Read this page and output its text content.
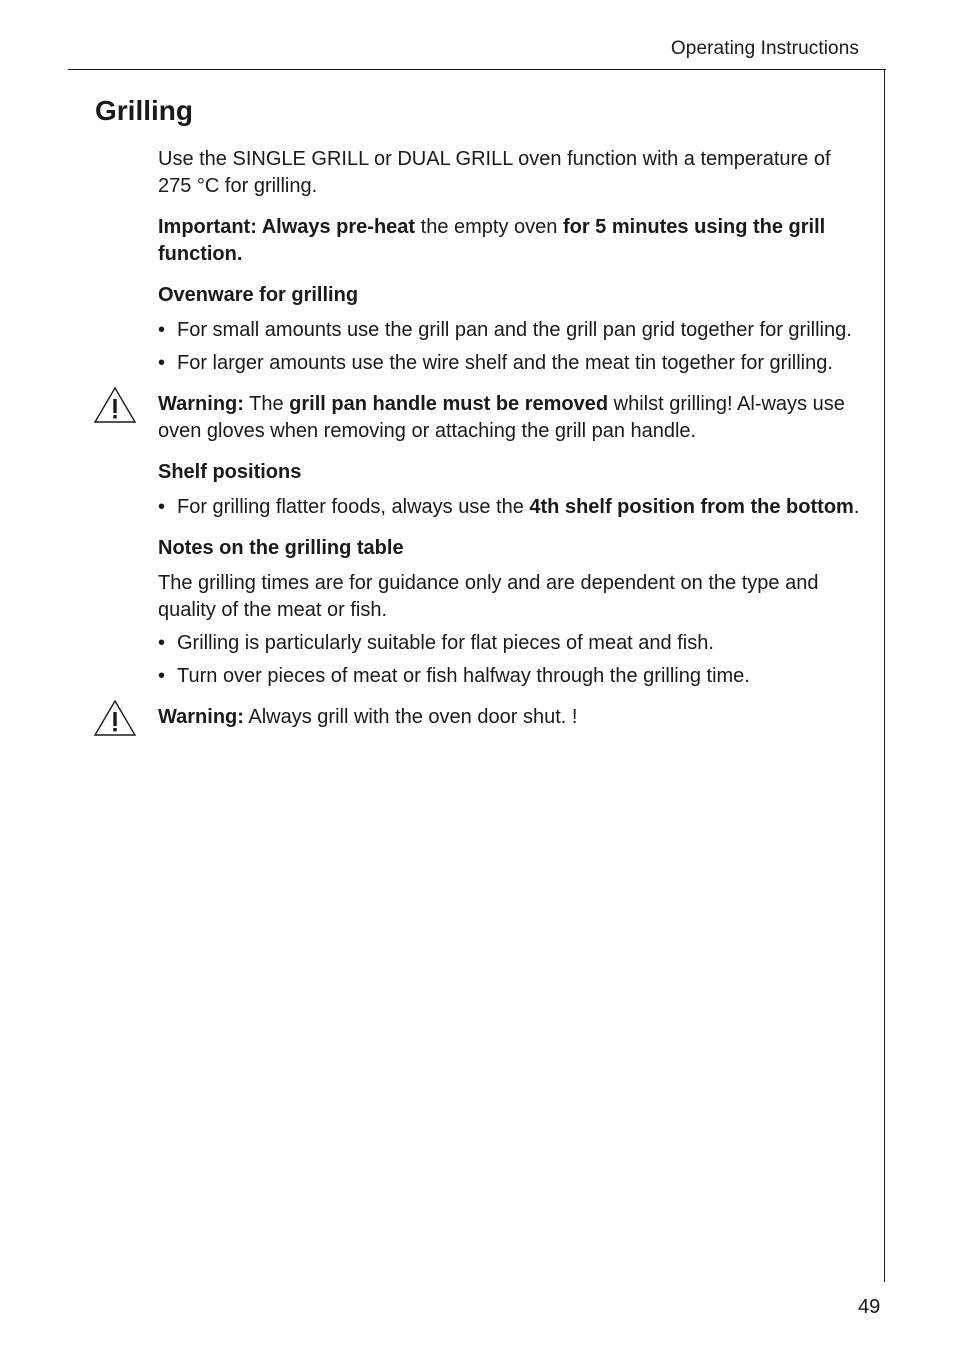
Operating Instructions
Grilling

Use the SINGLE GRILL or DUAL GRILL oven function with a temperature of 275 °C for grilling.

Important: Always pre-heat the empty oven for 5 minutes using the grill function.

Ovenware for grilling

• For small amounts use the grill pan and the grill pan grid together for grilling.

• For larger amounts use the wire shelf and the meat tin together for grilling.

Warning: The grill pan handle must be removed whilst grilling! Al-ways use oven gloves when removing or attaching the grill pan handle.

Shelf positions

• For grilling flatter foods, always use the 4th shelf position from the bottom.

Notes on the grilling table

The grilling times are for guidance only and are dependent on the type and quality of the meat or fish.

• Grilling is particularly suitable for flat pieces of meat and fish.

• Turn over pieces of meat or fish halfway through the grilling time.

Warning: Always grill with the oven door shut. !

49
